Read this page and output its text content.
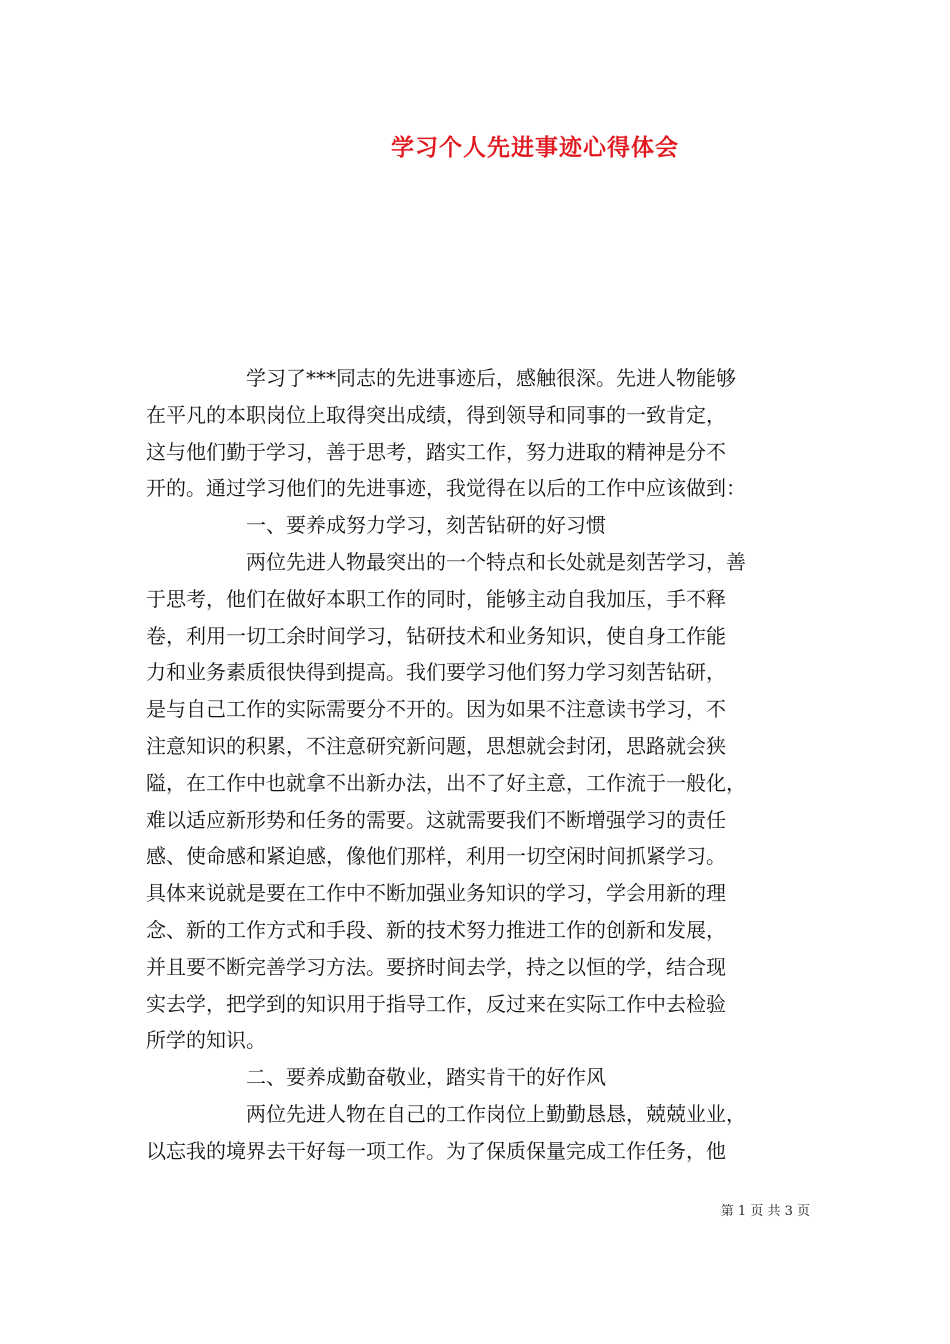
学习个人先进事迹心得体会
学习了***同志的先进事迹后，感触很深。先进人物能够
在平凡的本职岗位上取得突出成绩，得到领导和同事的一致肯定，
这与他们勤于学习，善于思考，踏实工作，努力进取的精神是分不
开的。通过学习他们的先进事迹，我觉得在以后的工作中应该做到：
一、要养成努力学习，刻苦钻研的好习惯
两位先进人物最突出的一个特点和长处就是刻苦学习，善
于思考，他们在做好本职工作的同时，能够主动自我加压，手不释
卷，利用一切工余时间学习，钻研技术和业务知识，使自身工作能
力和业务素质很快得到提高。我们要学习他们努力学习刻苦钻研，
是与自己工作的实际需要分不开的。因为如果不注意读书学习，不
注意知识的积累，不注意研究新问题，思想就会封闭，思路就会狭
隘，在工作中也就拿不出新办法，出不了好主意，工作流于一般化，
难以适应新形势和任务的需要。这就需要我们不断增强学习的责任
感、使命感和紧迫感，像他们那样，利用一切空闲时间抓紧学习。
具体来说就是要在工作中不断加强业务知识的学习，学会用新的理
念、新的工作方式和手段、新的技术努力推进工作的创新和发展，
并且要不断完善学习方法。要挤时间去学，持之以恒的学，结合现
实去学，把学到的知识用于指导工作，反过来在实际工作中去检验
所学的知识。
二、要养成勤奋敬业，踏实肯干的好作风
两位先进人物在自己的工作岗位上勤勤恳恳，兢兢业业，
以忘我的境界去干好每一项工作。为了保质保量完成工作任务，他
第 1 页 共 3 页
